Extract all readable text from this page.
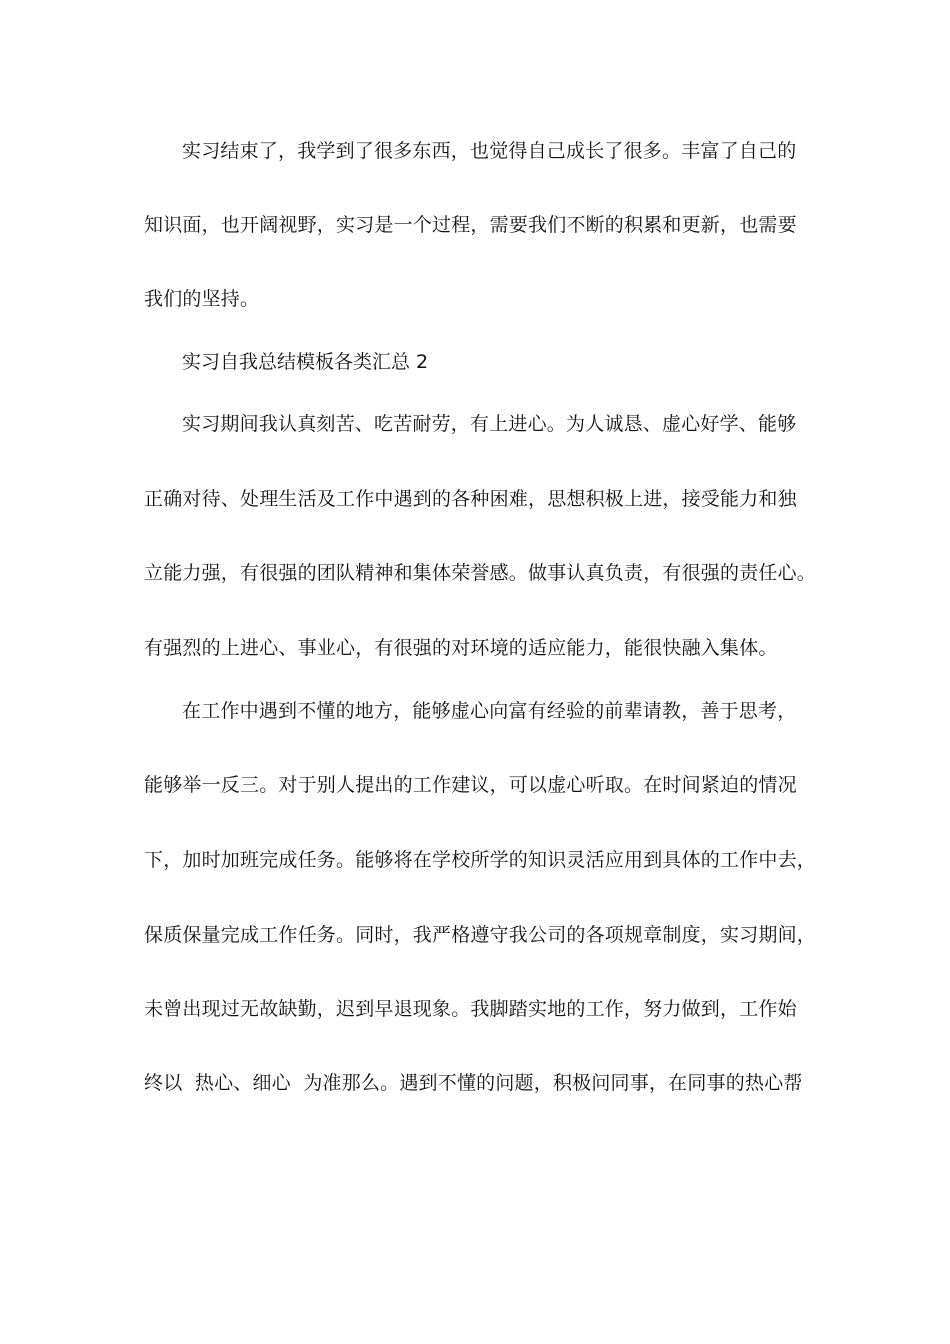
实习结束了，我学到了很多东西，也觉得自己成长了很多。丰富了自己的
知识面，也开阔视野，实习是一个过程，需要我们不断的积累和更新，也需要
我们的坚持。
实习自我总结模板各类汇总 2
实习期间我认真刻苦、吃苦耐劳，有上进心。为人诚恳、虚心好学、能够
正确对待、处理生活及工作中遇到的各种困难，思想积极上进，接受能力和独
立能力强，有很强的团队精神和集体荣誉感。做事认真负责，有很强的责任心。
有强烈的上进心、事业心，有很强的对环境的适应能力，能很快融入集体。
在工作中遇到不懂的地方，能够虚心向富有经验的前辈请教，善于思考，
能够举一反三。对于别人提出的工作建议，可以虚心听取。在时间紧迫的情况
下，加时加班完成任务。能够将在学校所学的知识灵活应用到具体的工作中去，
保质保量完成工作任务。同时，我严格遵守我公司的各项规章制度，实习期间，
未曾出现过无故缺勤，迟到早退现象。我脚踏实地的工作，努力做到，工作始
终以  热心、细心  为准那么。遇到不懂的问题，积极问同事，在同事的热心帮
